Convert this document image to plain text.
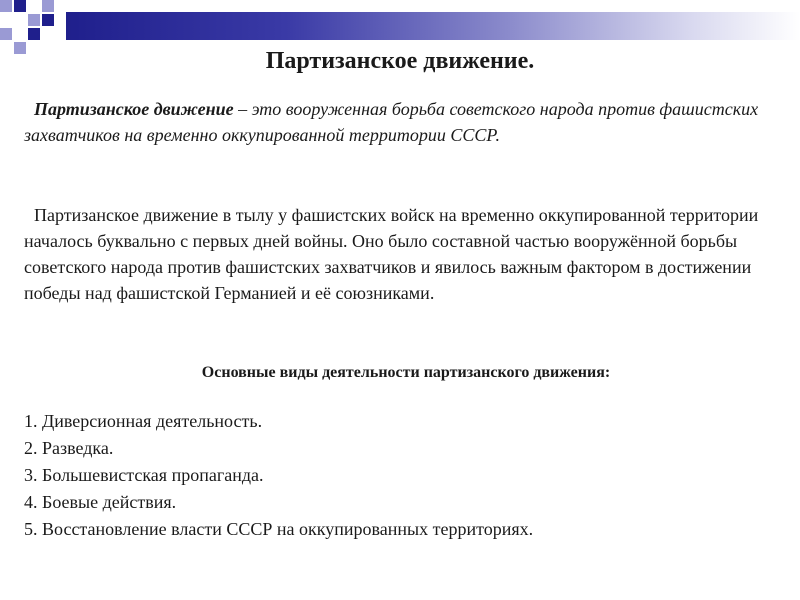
Партизанское движение.

Партизанское движение – это вооруженная борьба советского народа против фашистских захватчиков на временно оккупированной территории СССР.

Партизанское движение в тылу у фашистских войск на временно оккупированной территории началось буквально с первых дней войны. Оно было составной частью вооружённой борьбы советского народа против фашистских захватчиков и явилось важным фактором в достижении победы над фашистской Германией и её союзниками.

Основные виды деятельности партизанского движения:
1. Диверсионная деятельность.
2. Разведка.
3. Большевистская пропаганда.
4. Боевые действия.
5. Восстановление власти СССР на оккупированных территориях.
